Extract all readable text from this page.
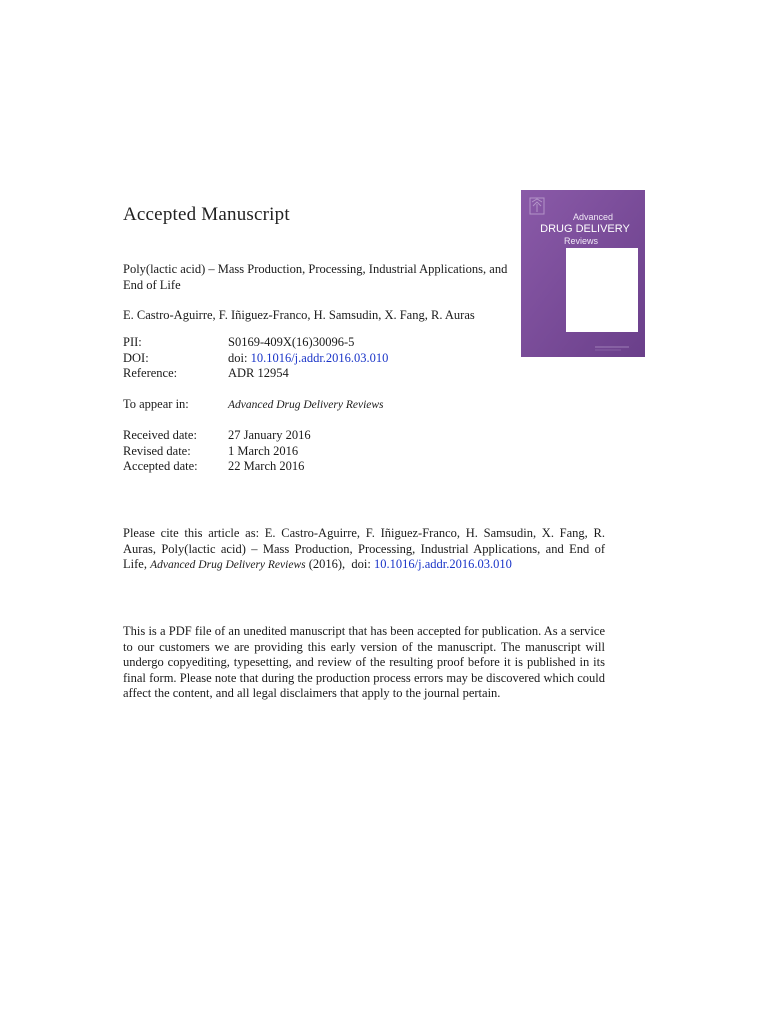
Accepted Manuscript
Poly(lactic acid) – Mass Production, Processing, Industrial Applications, and End of Life
E. Castro-Aguirre, F. Iñiguez-Franco, H. Samsudin, X. Fang, R. Auras
PII:	S0169-409X(16)30096-5
DOI:	doi: 10.1016/j.addr.2016.03.010
Reference:	ADR 12954
To appear in:	Advanced Drug Delivery Reviews
Received date:	27 January 2016
Revised date:	1 March 2016
Accepted date:	22 March 2016
Please cite this article as: E. Castro-Aguirre, F. Iñiguez-Franco, H. Samsudin, X. Fang, R. Auras, Poly(lactic acid) – Mass Production, Processing, Industrial Applications, and End of Life, Advanced Drug Delivery Reviews (2016), doi: 10.1016/j.addr.2016.03.010
This is a PDF file of an unedited manuscript that has been accepted for publication. As a service to our customers we are providing this early version of the manuscript. The manuscript will undergo copyediting, typesetting, and review of the resulting proof before it is published in its final form. Please note that during the production process errors may be discovered which could affect the content, and all legal disclaimers that apply to the journal pertain.
Advanced
DRUG DELIVERY
Reviews
